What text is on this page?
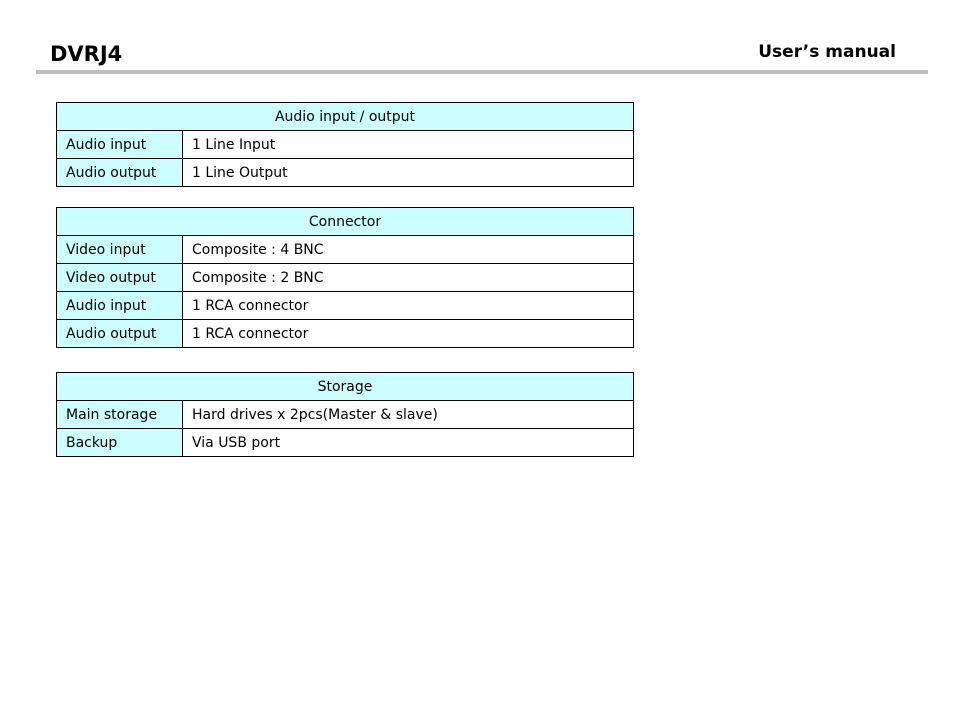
DVRJ4	User’s manual
Audio input / output	
Audio input	1 Line Input
Audio output	1 Line Output
Connector	
Video input	Composite : 4 BNC
Video output	Composite : 2 BNC
Audio input	1 RCA connector
Audio output	1 RCA connector
Storage	
Main storage	Hard drives x 2pcs(Master & slave)
Backup	Via USB port
